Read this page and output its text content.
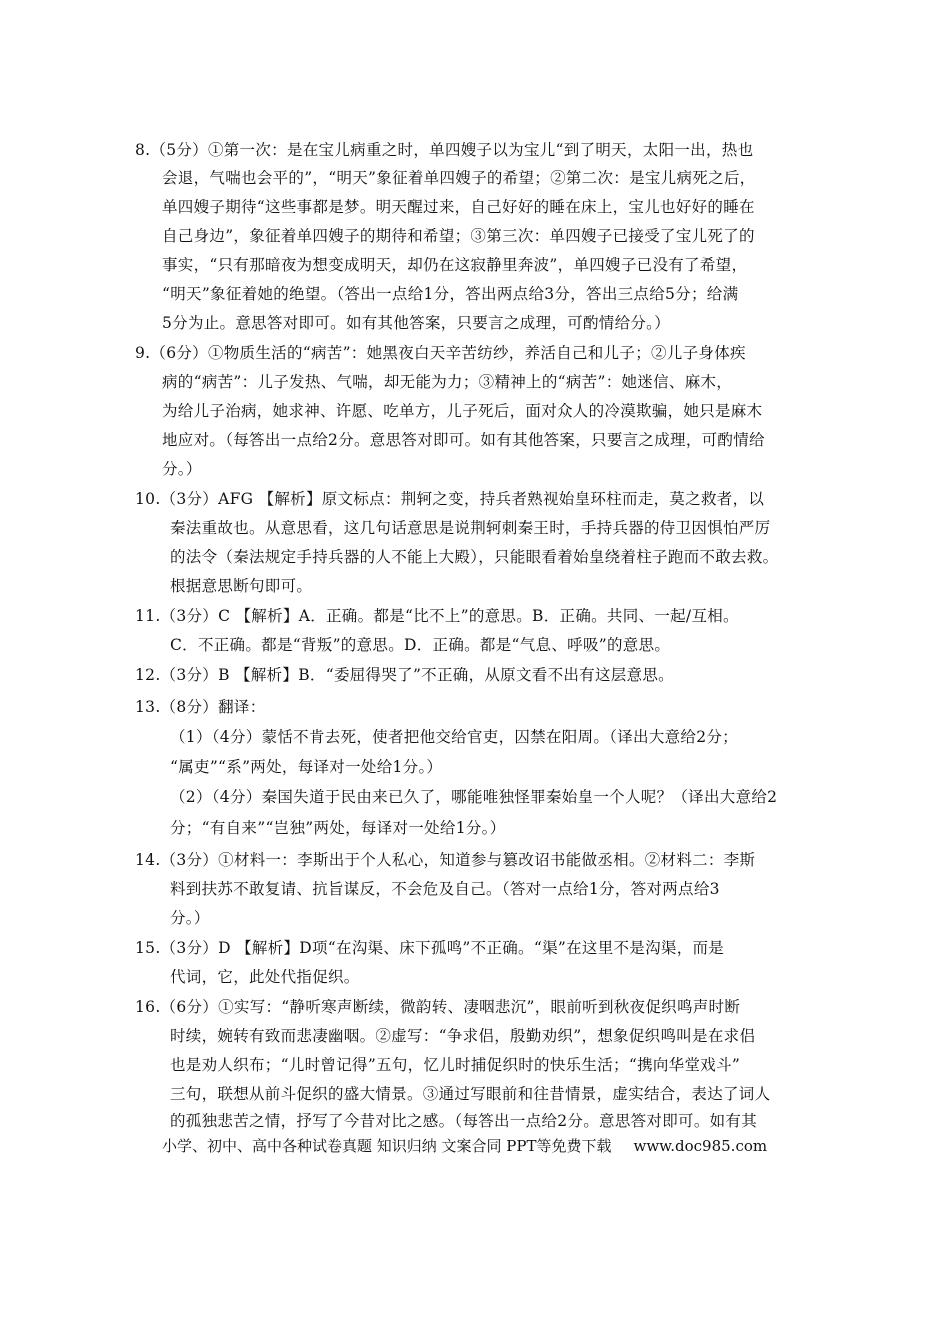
8.（5分）①第一次：是在宝儿病重之时，单四嫂子以为宝儿“到了明天，太阳一出，热也
会退，气喘也会平的”，“明天”象征着单四嫂子的希望；②第二次：是宝儿病死之后，
单四嫂子期待“这些事都是梦。明天醒过来，自己好好的睡在床上，宝儿也好好的睡在
自己身边”，象征着单四嫂子的期待和希望；③第三次：单四嫂子已接受了宝儿死了的
事实，“只有那暗夜为想变成明天，却仍在这寂静里奔波”，单四嫂子已没有了希望，
“明天”象征着她的绝望。（答出一点给1分，答出两点给3分，答出三点给5分；给满
5分为止。意思答对即可。如有其他答案，只要言之成理，可酌情给分。）
9.（6分）①物质生活的“病苦”：她黑夜白天辛苦纺纱，养活自己和儿子；②儿子身体疾
病的“病苦”：儿子发热、气喘，却无能为力；③精神上的“病苦”：她迷信、麻木，
为给儿子治病，她求神、许愿、吃单方，儿子死后，面对众人的冷漠欺骗，她只是麻木
地应对。（每答出一点给2分。意思答对即可。如有其他答案，只要言之成理，可酌情给
分。）
10.（3分）AFG 【解析】原文标点：荆轲之变，持兵者熟视始皇环柱而走，莫之救者，以
秦法重故也。从意思看，这几句话意思是说荆轲刺秦王时，手持兵器的侍卫因惧怕严厉
的法令（秦法规定手持兵器的人不能上大殿），只能眼看着始皇绕着柱子跑而不敢去救。
根据意思断句即可。
11.（3分）C 【解析】A．正确。都是“比不上”的意思。B．正确。共同、一起/互相。
C．不正确。都是“背叛”的意思。D．正确。都是“气息、呼吸”的意思。
12.（3分）B 【解析】B．“委屈得哭了”不正确，从原文看不出有这层意思。
13.（8分）翻译：
（1）（4分）蒙恬不肯去死，使者把他交给官吏，囚禁在阳周。（译出大意给2分；
“属吏”“系”两处，每译对一处给1分。）
（2）（4分）秦国失道于民由来已久了，哪能唯独怪罪秦始皇一个人呢？（译出大意给2
分；“有自来”“岂独”两处，每译对一处给1分。）
14.（3分）①材料一：李斯出于个人私心，知道参与篡改诏书能做丞相。②材料二：李斯
料到扶苏不敢复请、抗旨谋反，不会危及自己。（答对一点给1分，答对两点给3
分。）
15.（3分）D 【解析】D项“在沟渠、床下孤鸣”不正确。“渠”在这里不是沟渠，而是
代词，它，此处代指促织。
16.（6分）①实写：“静听寒声断续，微韵转、凄咽悲沉”，眼前听到秋夜促织鸣声时断
时续，婉转有致而悲凄幽咽。②虚写：“争求侣，殷勤劝织”，想象促织鸣叫是在求侣
也是劝人织布；“儿时曾记得”五句，忆儿时捕促织时的快乐生活；“携向华堂戏斗”
三句，联想从前斗促织的盛大情景。③通过写眼前和往昔情景，虚实结合，表达了词人
的孤独悲苦之情，抒写了今昔对比之感。（每答出一点给2分。意思答对即可。如有其
小学、初中、高中各种试卷真题 知识归纳 文案合同 PPT等免费下载 www.doc985.com
